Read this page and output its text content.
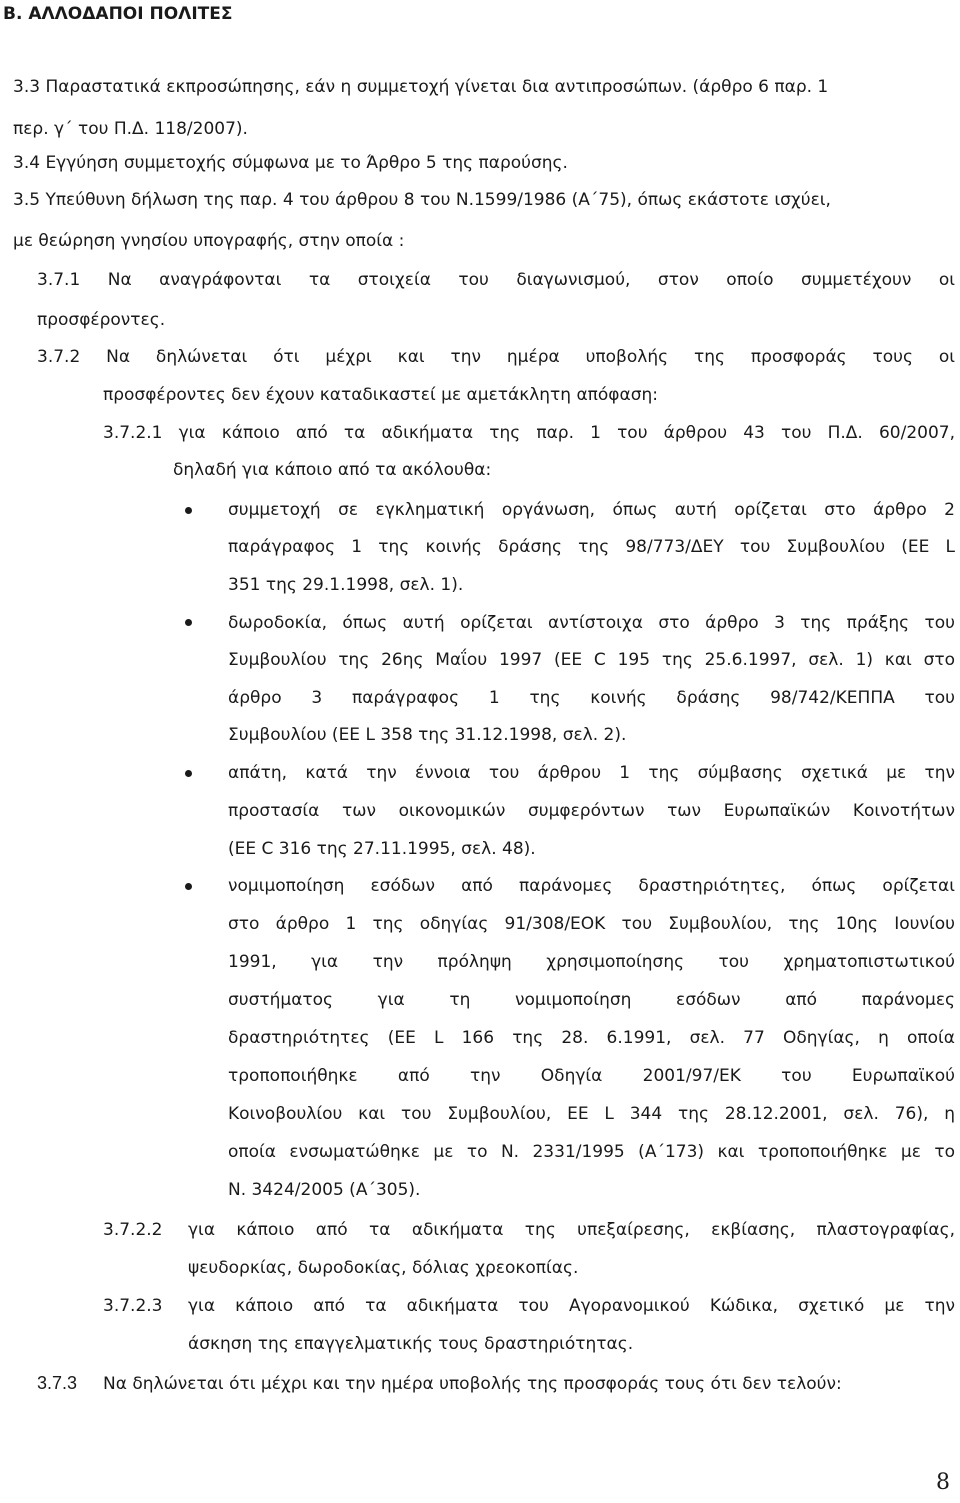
Β. ΑΛΛΟΔΑΠΟΙ ΠΟΛΙΤΕΣ
3.3 Παραστατικά εκπροσώπησης, εάν η συμμετοχή γίνεται δια αντιπροσώπων. (άρθρο 6 παρ. 1
περ. γ΄ του Π.Δ. 118/2007).
3.4 Εγγύηση συμμετοχής σύμφωνα με το Άρθρο 5 της παρούσης.
3.5 Υπεύθυνη δήλωση της παρ. 4 του άρθρου 8 του Ν.1599/1986 (Α΄75), όπως εκάστοτε ισχύει,
με θεώρηση γνησίου υπογραφής, στην οποία :
3.7.1 Να αναγράφονται τα στοιχεία του διαγωνισμού, στον οποίο συμμετέχουν οι
προσφέροντες.
3.7.2 Να δηλώνεται ότι μέχρι και την ημέρα υποβολής της προσφοράς τους οι
προσφέροντες δεν έχουν καταδικαστεί με αμετάκλητη απόφαση:
3.7.2.1 για κάποιο από τα αδικήματα της παρ. 1 του άρθρου 43 του Π.Δ. 60/2007,
δηλαδή για κάποιο από τα ακόλουθα:
συμμετοχή σε εγκληματική οργάνωση, όπως αυτή ορίζεται στο άρθρο 2
παράγραφος 1 της κοινής δράσης της 98/773/ΔΕΥ του Συμβουλίου (ΕΕ L
351 της 29.1.1998, σελ. 1).
δωροδοκία, όπως αυτή ορίζεται αντίστοιχα στο άρθρο 3 της πράξης του
Συμβουλίου της 26ης Μαΐου 1997 (ΕΕ C 195 της 25.6.1997, σελ. 1) και στο
άρθρο 3 παράγραφος 1 της κοινής δράσης 98/742/ΚΕΠΠΑ του
Συμβουλίου (ΕΕ L 358 της 31.12.1998, σελ. 2).
απάτη, κατά την έννοια του άρθρου 1 της σύμβασης σχετικά με την
προστασία των οικονομικών συμφερόντων των Ευρωπαϊκών Κοινοτήτων
(ΕΕ C 316 της 27.11.1995, σελ. 48).
νομιμοποίηση εσόδων από παράνομες δραστηριότητες, όπως ορίζεται
στο άρθρο 1 της οδηγίας 91/308/ΕΟΚ του Συμβουλίου, της 10ης Ιουνίου
1991, για την πρόληψη χρησιμοποίησης του χρηματοπιστωτικού
συστήματος για τη νομιμοποίηση εσόδων από παράνομες
δραστηριότητες (ΕΕ L 166 της 28. 6.1991, σελ. 77 Οδηγίας, η οποία
τροποποιήθηκε από την Οδηγία 2001/97/ΕΚ του Ευρωπαϊκού
Κοινοβουλίου και του Συμβουλίου, ΕΕ L 344 της 28.12.2001, σελ. 76), η
οποία ενσωματώθηκε με το Ν. 2331/1995 (Α΄173) και τροποποιήθηκε με το
Ν. 3424/2005 (Α΄305).
3.7.2.2 για κάποιο από τα αδικήματα της υπεξαίρεσης, εκβίασης, πλαστογραφίας,
ψευδορκίας, δωροδοκίας, δόλιας χρεοκοπίας.
3.7.2.3 για κάποιο από τα αδικήματα του Αγορανομικού Κώδικα, σχετικό με την
άσκηση της επαγγελματικής τους δραστηριότητας.
3.7.3 Να δηλώνεται ότι μέχρι και την ημέρα υποβολής της προσφοράς τους ότι δεν τελούν:
8
